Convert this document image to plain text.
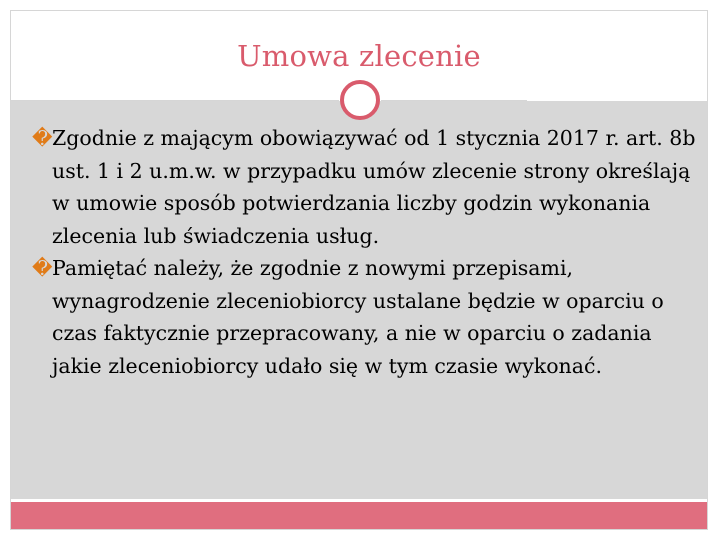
Umowa zlecenie
� Zgodnie z mającym obowiązywać od 1 stycznia 2017 r. art. 8b ust. 1 i 2 u.m.w. w przypadku umów zlecenie strony określają w umowie sposób potwierdzania liczby godzin wykonania zlecenia lub świadczenia usług.
� Pamiętać należy, że zgodnie z nowymi przepisami, wynagrodzenie zleceniobiorcy ustalane będzie w oparciu o czas faktycznie przepracowany, a nie w oparciu o zadania jakie zleceniobiorcy udało się w tym czasie wykonać.
